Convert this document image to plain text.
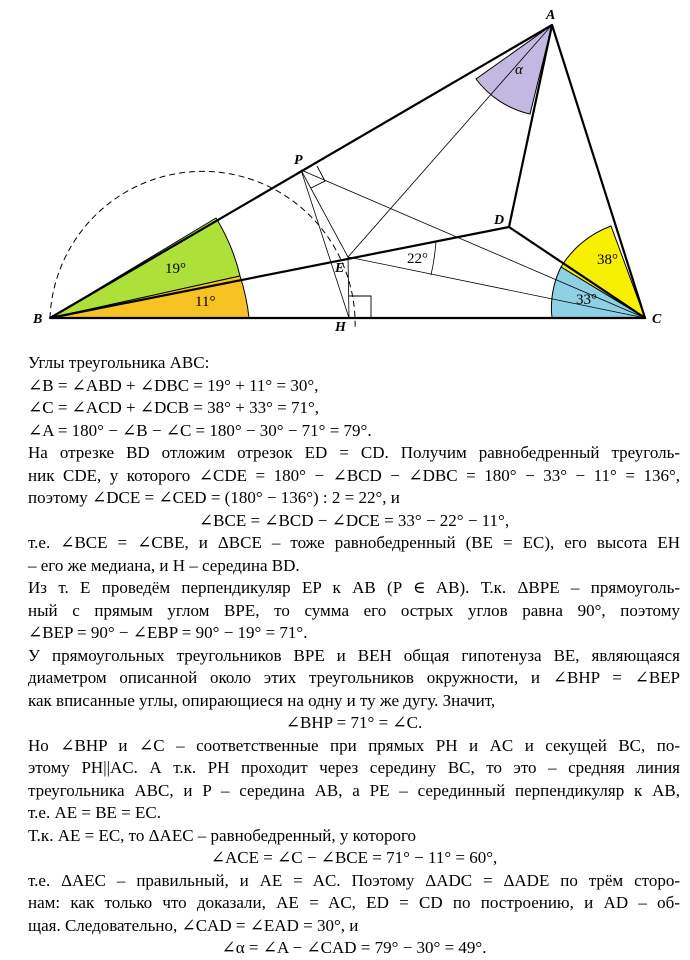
A
B	C
D
E
H
P
19°
11°
38°
33°
22°
α
Углы треугольника ABC:
∠B = ∠ABD + ∠DBC = 19° + 11° = 30°,
∠C = ∠ACD + ∠DCB = 38° + 33° = 71°,
∠A = 180° − ∠B − ∠C = 180° − 30° − 71° = 79°.
На отрезке BD отложим отрезок ED = CD. Получим равнобедренный треуголь-
ник CDE, у которого ∠CDE = 180° − ∠BCD − ∠DBC = 180° − 33° − 11° = 136°,
поэтому ∠DCE = ∠CED = (180° − 136°) : 2 = 22°, и
∠BCE = ∠BCD − ∠DCE = 33° − 22° − 11°,
т.е. ∠BCE = ∠CBE, и ΔBCE – тоже равнобедренный (BE = EC), его высота EH
– его же медиана, и H – середина BD.
Из т. E проведём перпендикуляр EP к AB (P ∈ AB). Т.к. ΔBPE – прямоуголь-
ный с прямым углом BPE, то сумма его острых углов равна 90°, поэтому
∠BEP = 90° − ∠EBP = 90° − 19° = 71°.
У прямоугольных треугольников BPE и BEH общая гипотенуза BE, являющаяся
диаметром описанной около этих треугольников окружности, и ∠BHP = ∠BEP
как вписанные углы, опирающиеся на одну и ту же дугу. Значит,
∠BHP = 71° = ∠C.
Но ∠BHP и ∠C – соответственные при прямых PH и AC и секущей BC, по-
этому PH||AC. А т.к. PH проходит через середину BC, то это – средняя линия
треугольника ABC, и P – середина AB, а PE – серединный перпендикуляр к AB,
т.е. AE = BE = EC.
Т.к. AE = EC, то ΔAEC – равнобедренный, у которого
∠ACE = ∠C − ∠BCE = 71° − 11° = 60°,
т.е. ΔAEC – правильный, и AE = AC. Поэтому ΔADC = ΔADE по трём сторо-
нам: как только что доказали, AE = AC, ED = CD по построению, и AD – об-
щая. Следовательно, ∠CAD = ∠EAD = 30°, и
∠α = ∠A − ∠CAD = 79° − 30° = 49°.
